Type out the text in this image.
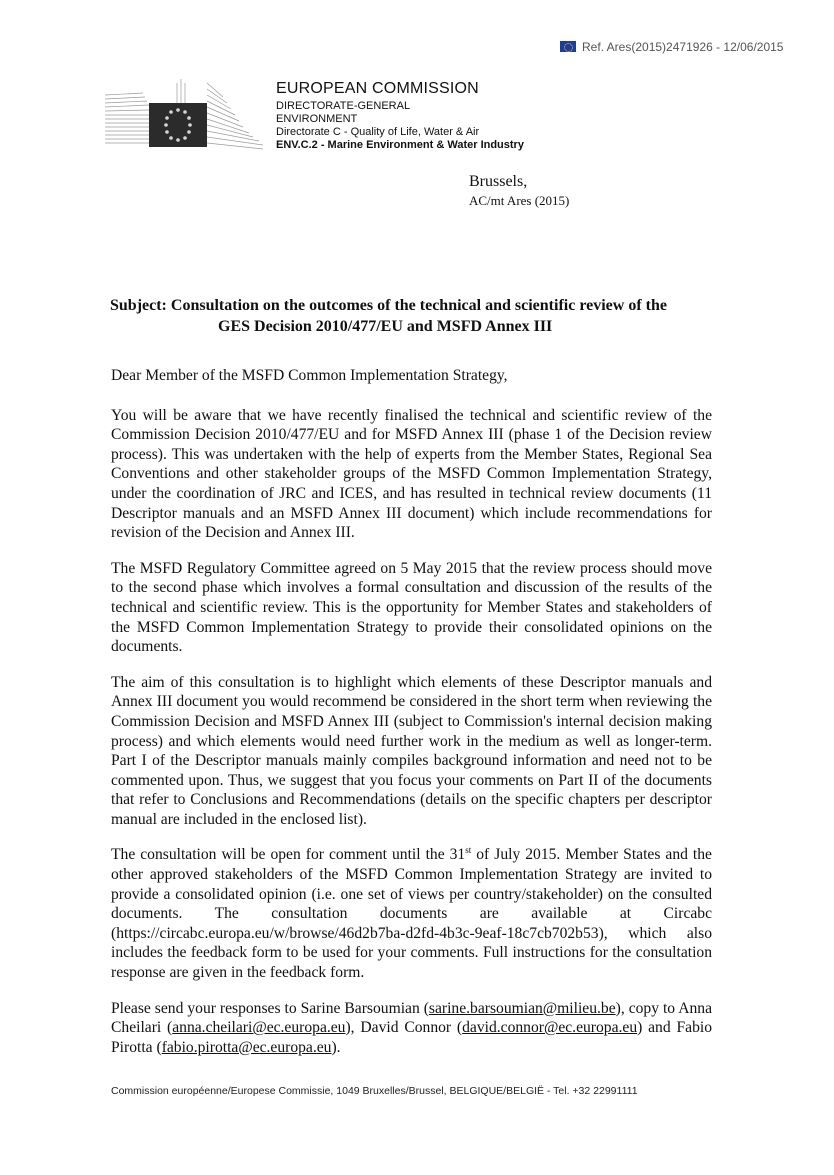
Ref. Ares(2015)2471926 - 12/06/2015
EUROPEAN COMMISSION
DIRECTORATE-GENERAL
ENVIRONMENT
Directorate C - Quality of Life, Water & Air
ENV.C.2 - Marine Environment & Water Industry
Brussels,
AC/mt Ares (2015)
Subject: Consultation on the outcomes of the technical and scientific review of the
GES Decision 2010/477/EU and MSFD Annex III

Dear Member of the MSFD Common Implementation Strategy,

You will be aware that we have recently finalised the technical and scientific review of the Commission Decision 2010/477/EU and for MSFD Annex III (phase 1 of the Decision review process). This was undertaken with the help of experts from the Member States, Regional Sea Conventions and other stakeholder groups of the MSFD Common Implementation Strategy, under the coordination of JRC and ICES, and has resulted in technical review documents (11 Descriptor manuals and an MSFD Annex III document) which include recommendations for revision of the Decision and Annex III.

The MSFD Regulatory Committee agreed on 5 May 2015 that the review process should move to the second phase which involves a formal consultation and discussion of the results of the technical and scientific review. This is the opportunity for Member States and stakeholders of the MSFD Common Implementation Strategy to provide their consolidated opinions on the documents.

The aim of this consultation is to highlight which elements of these Descriptor manuals and Annex III document you would recommend be considered in the short term when reviewing the Commission Decision and MSFD Annex III (subject to Commission's internal decision making process) and which elements would need further work in the medium as well as longer-term. Part I of the Descriptor manuals mainly compiles background information and need not to be commented upon. Thus, we suggest that you focus your comments on Part II of the documents that refer to Conclusions and Recommendations (details on the specific chapters per descriptor manual are included in the enclosed list).

The consultation will be open for comment until the 31st of July 2015. Member States and the other approved stakeholders of the MSFD Common Implementation Strategy are invited to provide a consolidated opinion (i.e. one set of views per country/stakeholder) on the consulted documents. The consultation documents are available at Circabc (https://circabc.europa.eu/w/browse/46d2b7ba-d2fd-4b3c-9eaf-18c7cb702b53), which also includes the feedback form to be used for your comments. Full instructions for the consultation response are given in the feedback form.

Please send your responses to Sarine Barsoumian (sarine.barsoumian@milieu.be), copy to Anna Cheilari (anna.cheilari@ec.europa.eu), David Connor (david.connor@ec.europa.eu) and Fabio Pirotta (fabio.pirotta@ec.europa.eu).

Commission européenne/Europese Commissie, 1049 Bruxelles/Brussel, BELGIQUE/BELGIË - Tel. +32 22991111
